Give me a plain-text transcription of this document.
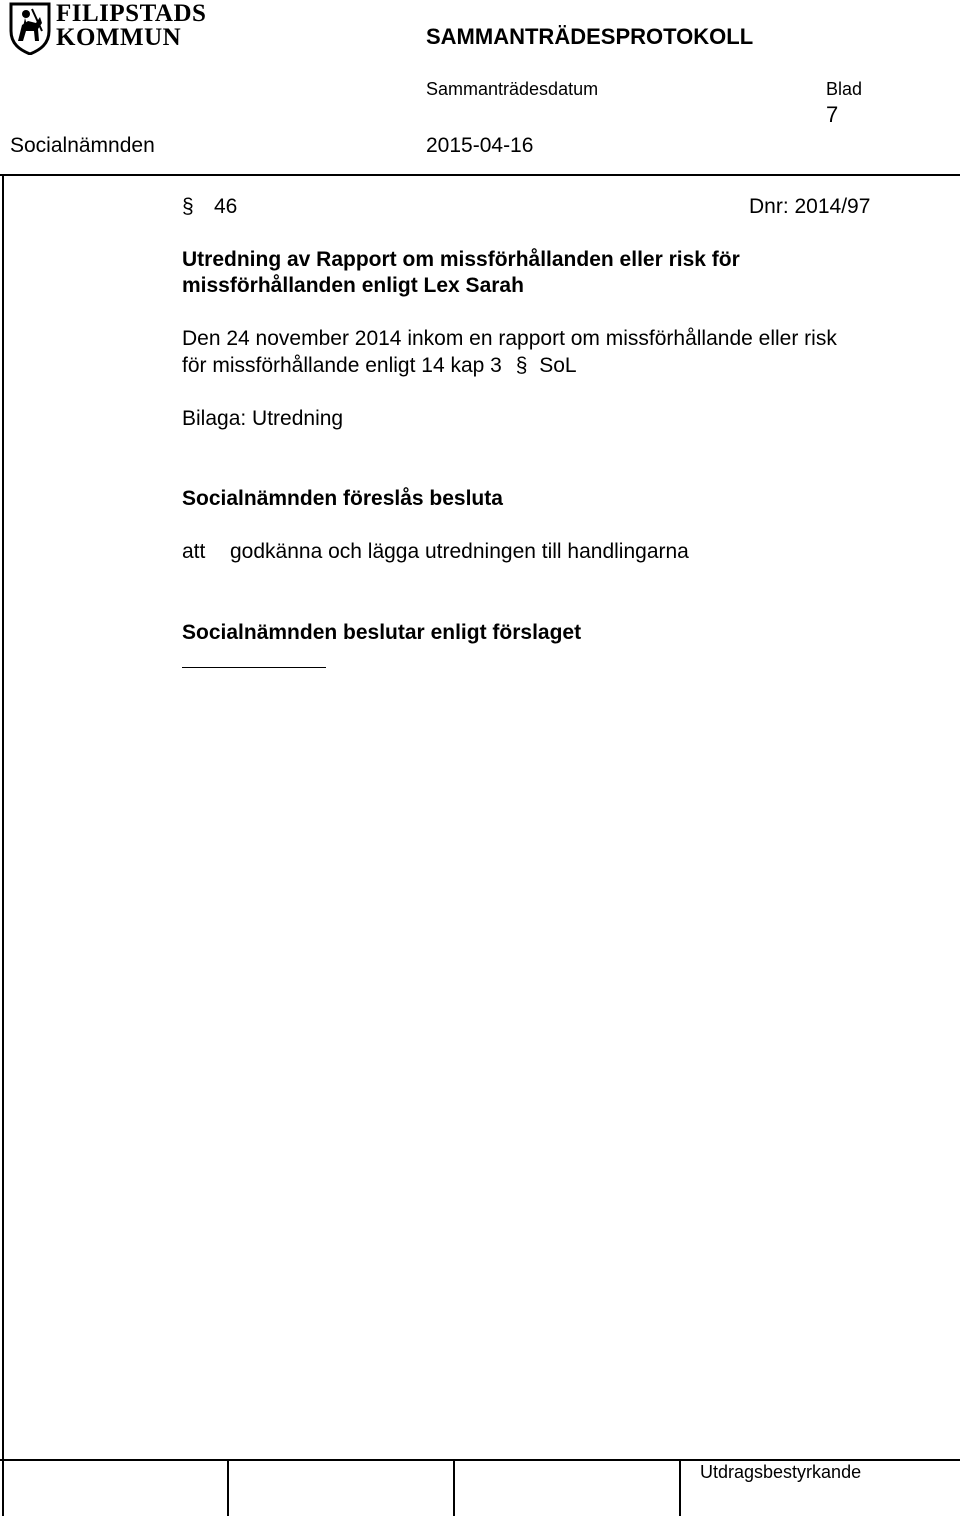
FILIPSTADS
KOMMUN	SAMMANTRÄDESPROTOKOLL
Sammanträdesdatum	Blad
7
Socialnämnden	2015-04-16
§ 46	Dnr: 2014/97
Utredning av Rapport om missförhållanden eller risk för
missförhållanden enligt Lex Sarah
Den 24 november 2014 inkom en rapport om missförhållande eller risk
för missförhållande enligt 14 kap 3 § SoL
Bilaga: Utredning
Socialnämnden föreslås besluta
att godkänna och lägga utredningen till handlingarna
Socialnämnden beslutar enligt förslaget
Utdragsbestyrkande
